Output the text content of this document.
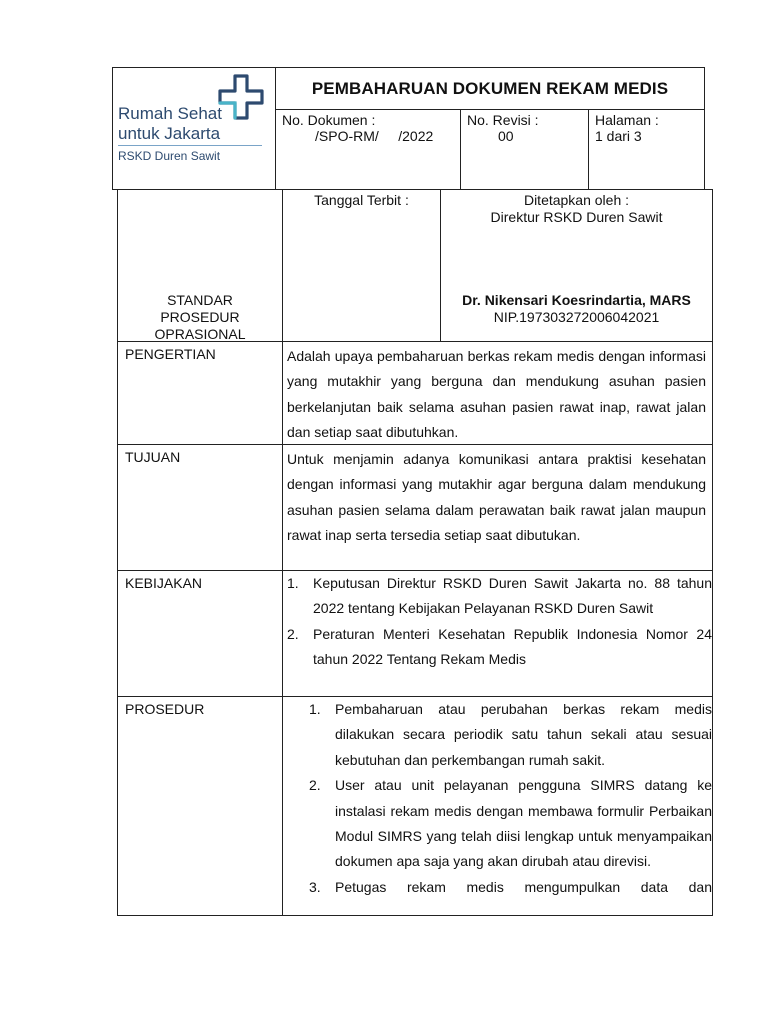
Rumah Sehat
untuk Jakarta
RSKD Duren Sawit
PEMBAHARUAN DOKUMEN REKAM MEDIS
No. Dokumen :
/SPO-RM/     /2022
No. Revisi :
00
Halaman :
1 dari 3
STANDAR
PROSEDUR
OPRASIONAL
Tanggal Terbit :	Ditetapkan oleh :
Direktur RSKD Duren Sawit
Dr. Nikensari Koesrindartia, MARS
NIP.197303272006042021
PENGERTIAN	Adalah upaya pembaharuan berkas rekam medis dengan informasi yang mutakhir yang berguna dan mendukung asuhan pasien berkelanjutan baik selama asuhan pasien rawat inap, rawat jalan dan setiap saat dibutuhkan.
TUJUAN	Untuk menjamin adanya komunikasi antara praktisi kesehatan dengan informasi yang mutakhir agar berguna dalam mendukung asuhan pasien selama dalam perawatan baik rawat jalan maupun rawat inap serta tersedia setiap saat dibutukan.
KEBIJAKAN	1. Keputusan Direktur RSKD Duren Sawit Jakarta no. 88 tahun 2022 tentang Kebijakan Pelayanan RSKD Duren Sawit
2. Peraturan Menteri Kesehatan Republik Indonesia Nomor 24 tahun 2022 Tentang Rekam Medis
PROSEDUR	1. Pembaharuan atau perubahan berkas rekam medis dilakukan secara periodik satu tahun sekali atau sesuai kebutuhan dan perkembangan rumah sakit.
2. User atau unit pelayanan pengguna SIMRS datang ke instalasi rekam medis dengan membawa formulir Perbaikan Modul SIMRS yang telah diisi lengkap untuk menyampaikan dokumen apa saja yang akan dirubah atau direvisi.
3. Petugas rekam medis mengumpulkan data dan
